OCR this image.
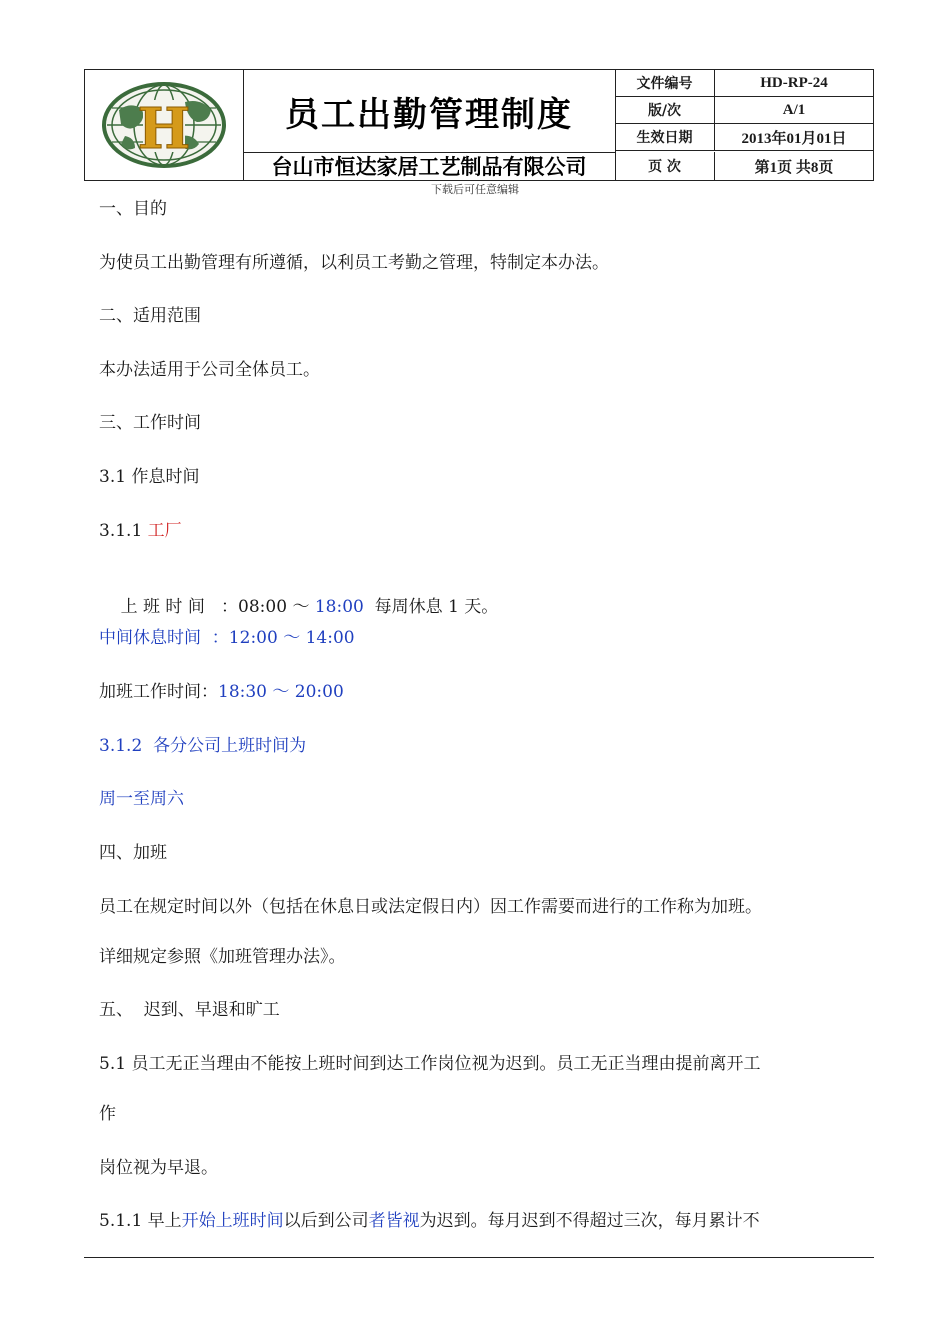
H	员工出勤管理制度
台山市恒达家居工艺制品有限公司
文件编号	HD-RP-24
版/次	A/1
生效日期	2013年01月01日
页 次	第1页 共8页
下载后可任意编辑
一、目的
为使员工出勤管理有所遵循，以利员工考勤之管理，特制定本办法。
二、适用范围
本办法适用于公司全体员工。
三、工作时间
3.1 作息时间
3.1.1 工厂

上 班 时 间   ：08:00 ～ 18:00  每周休息 1 天。

中间休息时间  ：12:00 ～ 14:00
加班工作时间：18:30 ～ 20:00
3.1.2  各分公司上班时间为
周一至周六
四、加班
员工在规定时间以外（包括在休息日或法定假日内）因工作需要而进行的工作称为加班。
详细规定参照《加班管理办法》。
五、  迟到、早退和旷工
5.1 员工无正当理由不能按上班时间到达工作岗位视为迟到。员工无正当理由提前离开工
作
岗位视为早退。
5.1.1 早上开始上班时间以后到公司者皆视为迟到。每月迟到不得超过三次，每月累计不
